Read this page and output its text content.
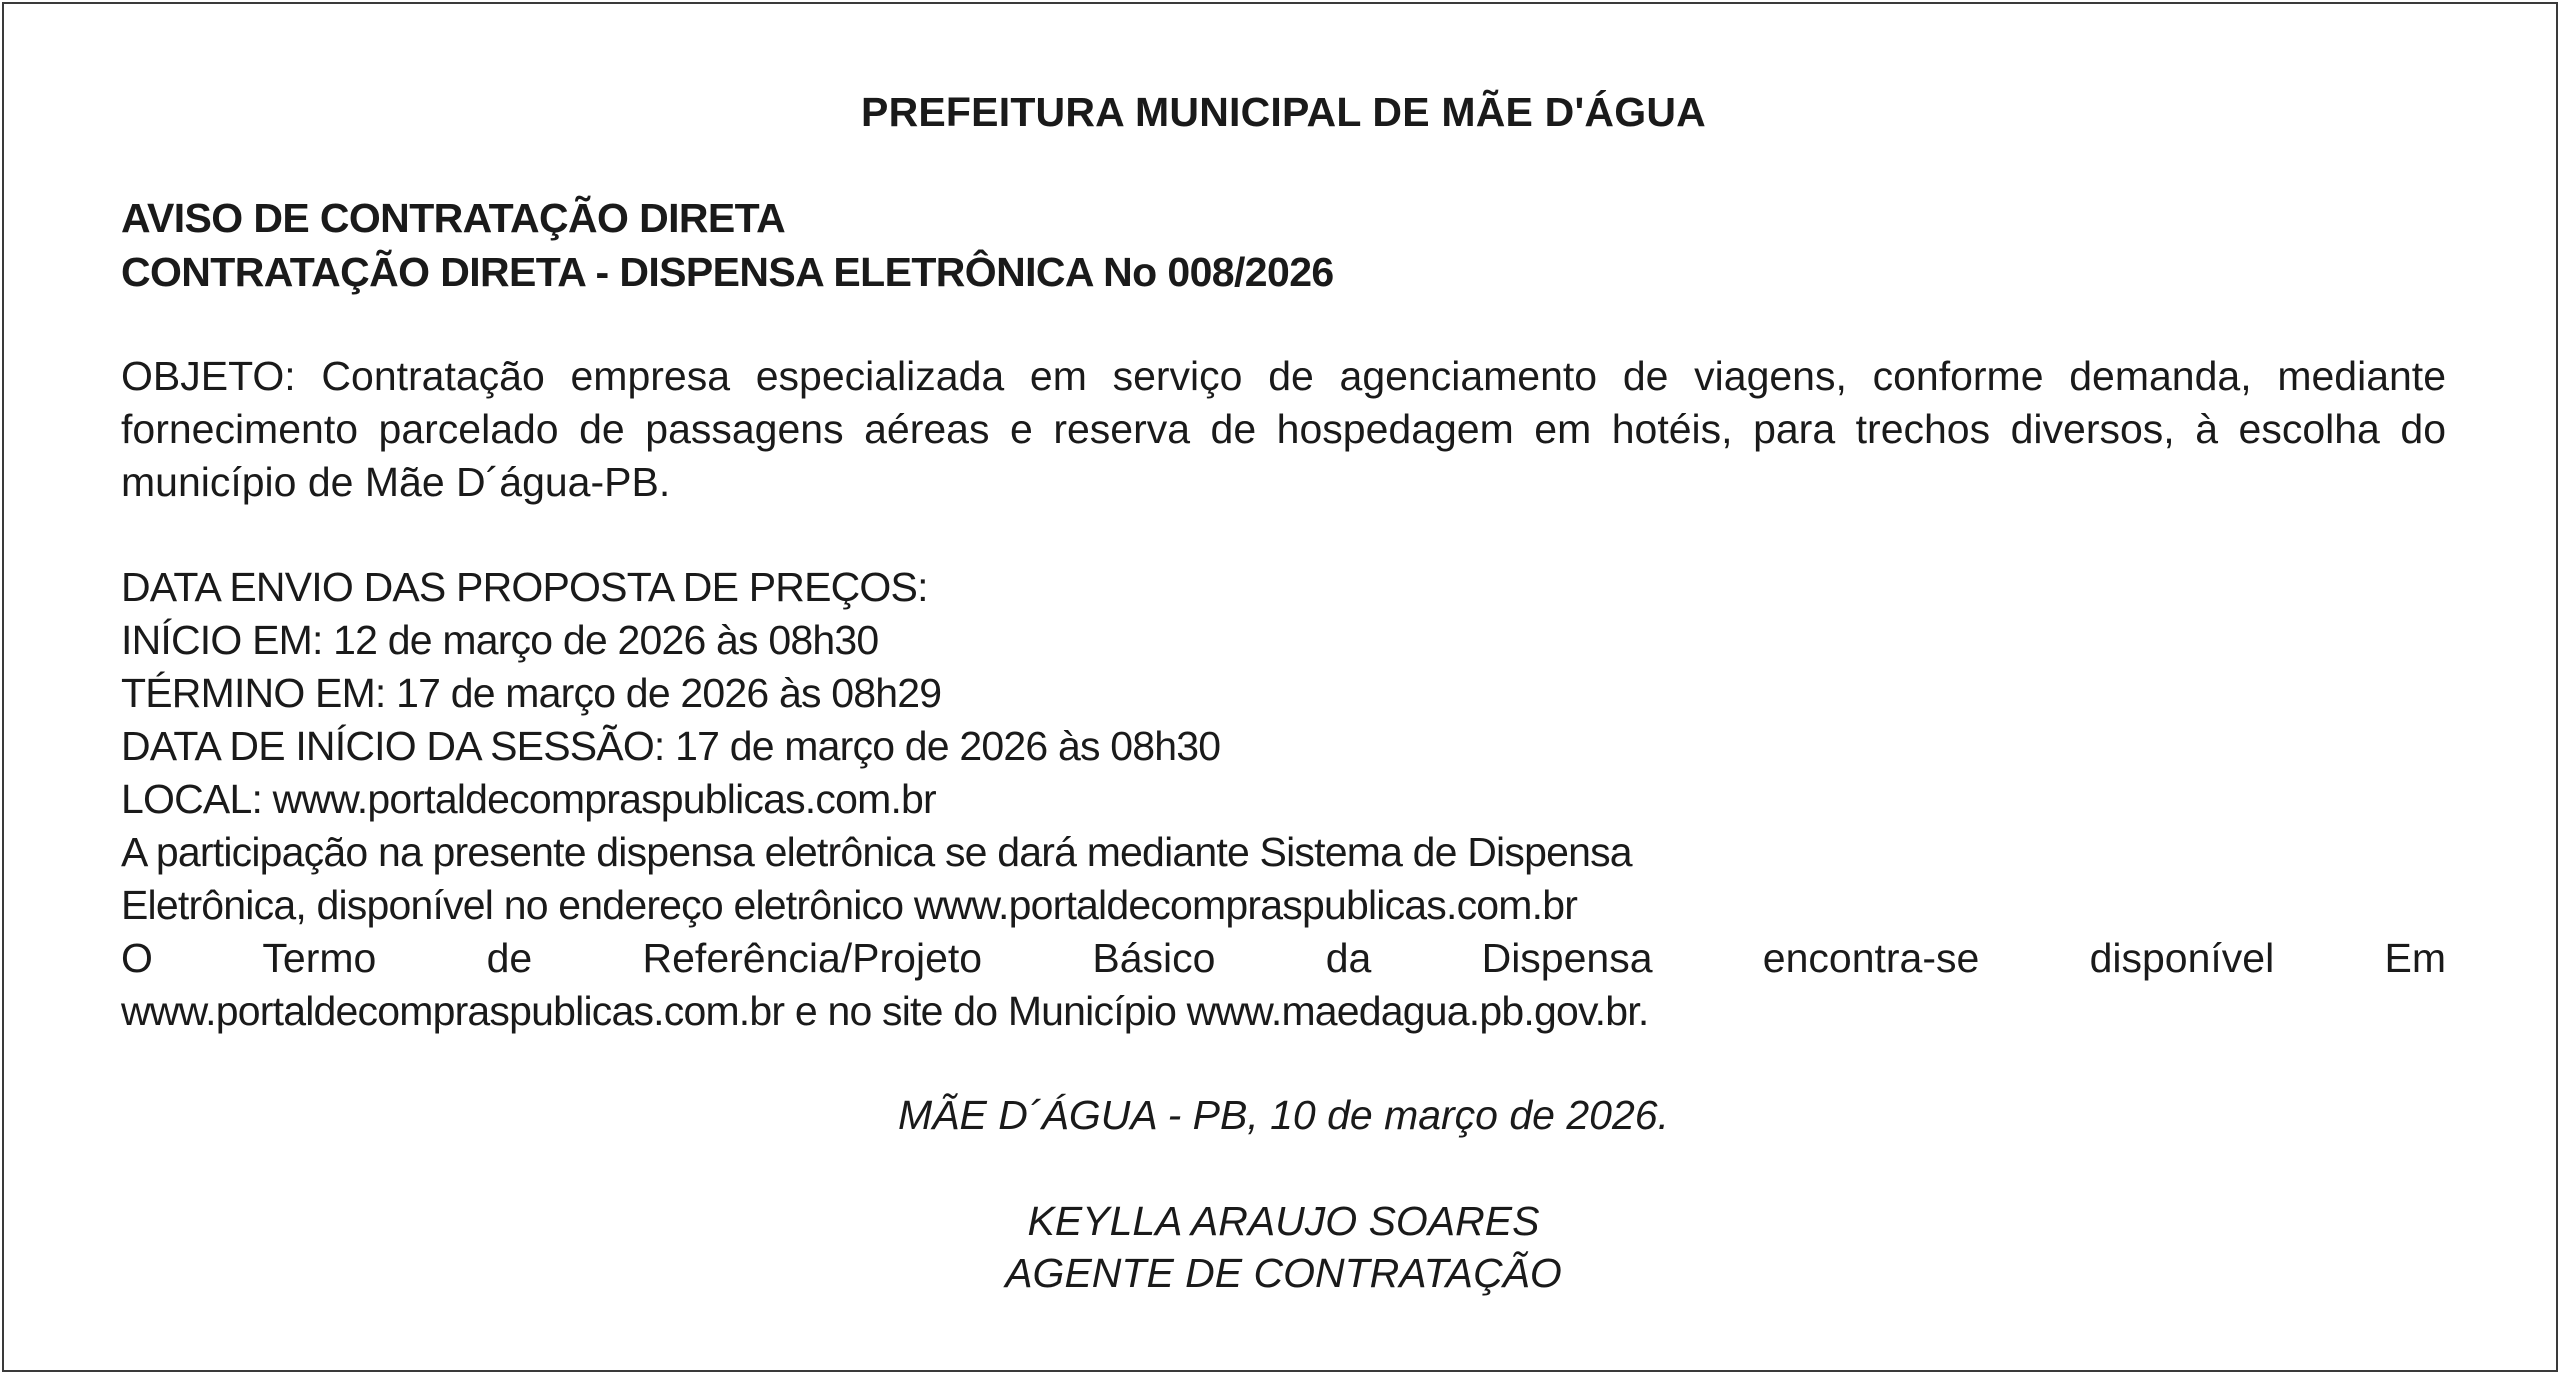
PREFEITURA MUNICIPAL DE MÃE D'ÁGUA
AVISO DE CONTRATAÇÃO DIRETA
CONTRATAÇÃO DIRETA - DISPENSA ELETRÔNICA No 008/2026
OBJETO: Contratação empresa especializada em serviço de agenciamento de viagens, conforme demanda, mediante fornecimento parcelado de passagens aéreas e reserva de hospedagem em hotéis, para trechos diversos, à escolha do município de Mãe D´água-PB.
DATA ENVIO DAS PROPOSTA DE PREÇOS:
INÍCIO EM: 12 de março de 2026 às 08h30
TÉRMINO EM: 17 de março de 2026 às 08h29
DATA DE INÍCIO DA SESSÃO: 17 de março de 2026 às 08h30
LOCAL: www.portaldecompraspublicas.com.br
A participação na presente dispensa eletrônica se dará mediante Sistema de Dispensa
Eletrônica, disponível no endereço eletrônico www.portaldecompraspublicas.com.br
O Termo de Referência/Projeto Básico da Dispensa encontra-se disponível Em
www.portaldecompraspublicas.com.br e no site do Município www.maedagua.pb.gov.br.
MÃE D´ÁGUA - PB, 10 de março de 2026.
KEYLLA ARAUJO SOARES
AGENTE DE CONTRATAÇÃO
